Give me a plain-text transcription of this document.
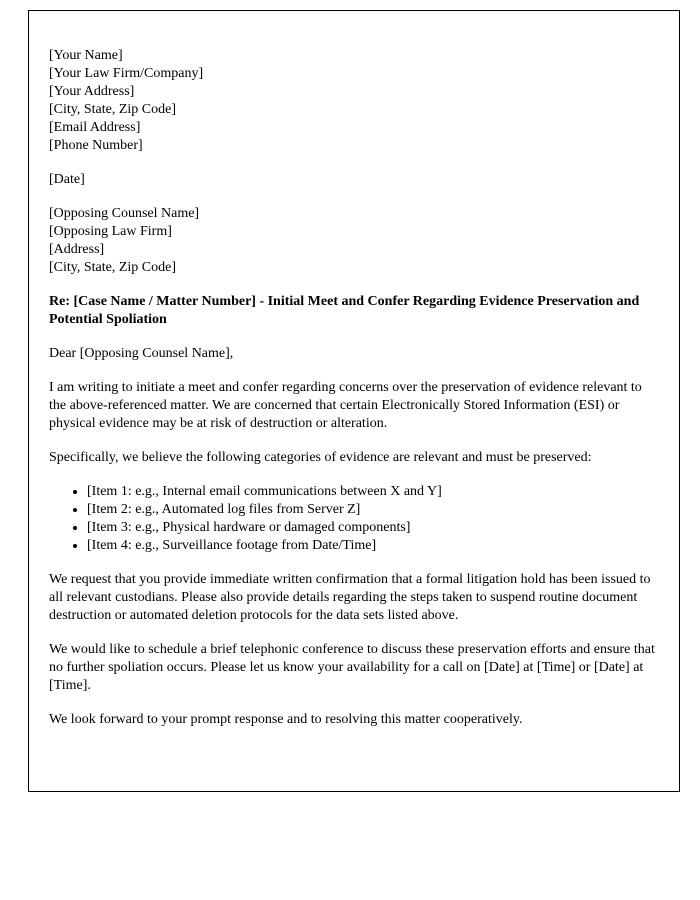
[Your Name]
[Your Law Firm/Company]
[Your Address]
[City, State, Zip Code]
[Email Address]
[Phone Number]
[Date]
[Opposing Counsel Name]
[Opposing Law Firm]
[Address]
[City, State, Zip Code]
Re: [Case Name / Matter Number] - Initial Meet and Confer Regarding Evidence Preservation and Potential Spoliation

Dear [Opposing Counsel Name],

I am writing to initiate a meet and confer regarding concerns over the preservation of evidence relevant to the above-referenced matter. We are concerned that certain Electronically Stored Information (ESI) or physical evidence may be at risk of destruction or alteration.

Specifically, we believe the following categories of evidence are relevant and must be preserved:

• [Item 1: e.g., Internal email communications between X and Y]
• [Item 2: e.g., Automated log files from Server Z]
• [Item 3: e.g., Physical hardware or damaged components]
• [Item 4: e.g., Surveillance footage from Date/Time]

We request that you provide immediate written confirmation that a formal litigation hold has been issued to all relevant custodians. Please also provide details regarding the steps taken to suspend routine document destruction or automated deletion protocols for the data sets listed above.

We would like to schedule a brief telephonic conference to discuss these preservation efforts and ensure that no further spoliation occurs. Please let us know your availability for a call on [Date] at [Time] or [Date] at [Time].

We look forward to your prompt response and to resolving this matter cooperatively.
